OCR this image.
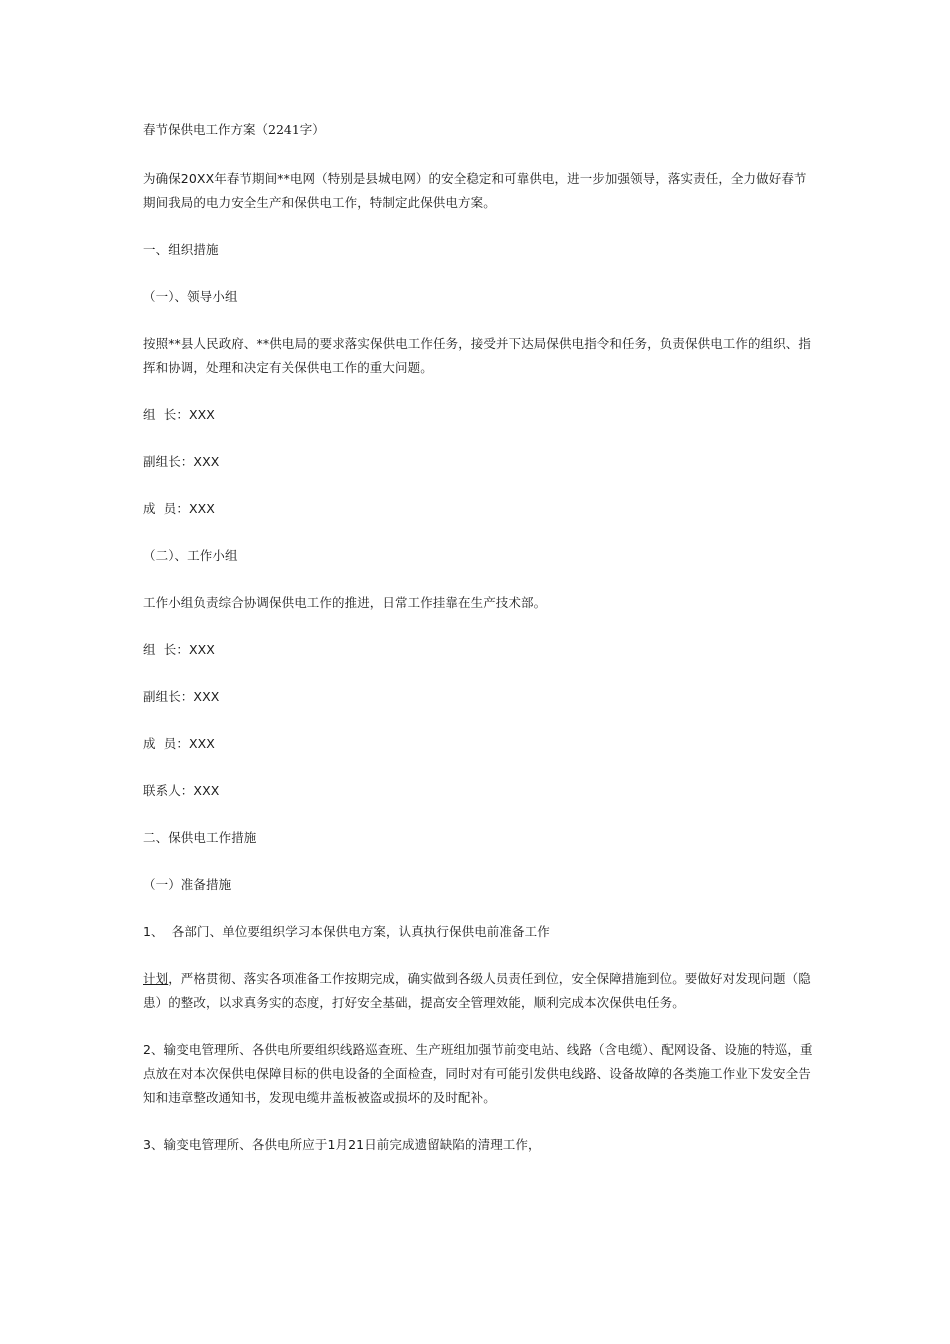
春节保供电工作方案（2241字）

为确保20XX年春节期间**电网（特别是县城电网）的安全稳定和可靠供电，进一步加强领导，落实责任，全力做好春节期间我局的电力安全生产和保供电工作，特制定此保供电方案。

一、组织措施

（一）、领导小组

按照**县人民政府、**供电局的要求落实保供电工作任务，接受并下达局保供电指令和任务，负责保供电工作的组织、指挥和协调，处理和决定有关保供电工作的重大问题。

组  长：XXX

副组长：XXX

成  员：XXX

（二）、工作小组

工作小组负责综合协调保供电工作的推进，日常工作挂靠在生产技术部。

组  长：XXX

副组长：XXX

成  员：XXX

联系人：XXX

二、保供电工作措施

（一）准备措施

1、  各部门、单位要组织学习本保供电方案，认真执行保供电前准备工作

计划，严格贯彻、落实各项准备工作按期完成，确实做到各级人员责任到位，安全保障措施到位。要做好对发现问题（隐患）的整改，以求真务实的态度，打好安全基础，提高安全管理效能，顺利完成本次保供电任务。

2、输变电管理所、各供电所要组织线路巡查班、生产班组加强节前变电站、线路（含电缆）、配网设备、设施的特巡，重点放在对本次保供电保障目标的供电设备的全面检查，同时对有可能引发供电线路、设备故障的各类施工作业下发安全告知和违章整改通知书，发现电缆井盖板被盗或损坏的及时配补。

3、输变电管理所、各供电所应于1月21日前完成遗留缺陷的清理工作，
